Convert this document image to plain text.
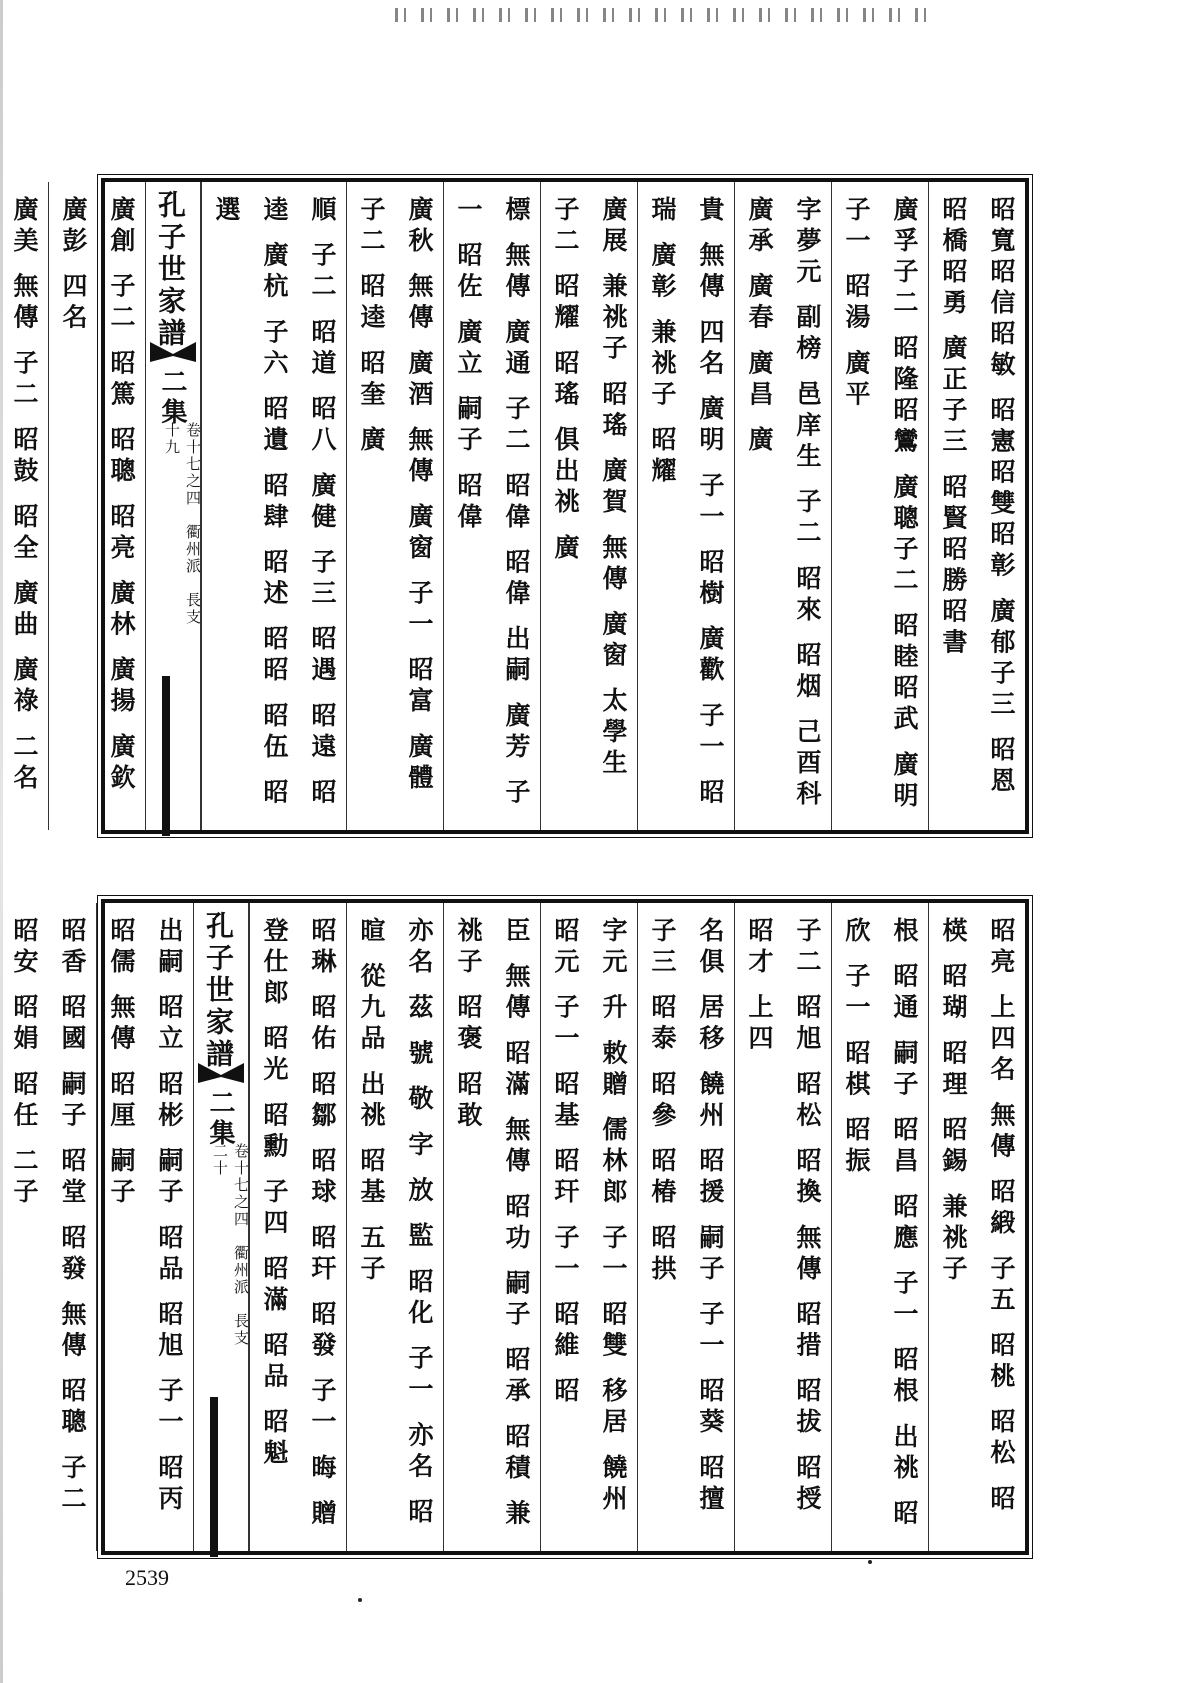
昭寬昭信昭敏 昭憲昭雙昭彰 廣郁子三 昭恩昭橋昭勇 廣正子三 昭賢昭勝昭書
廣孚子二 昭隆昭鸞 廣聰子二 昭睦昭武 廣明子一 昭湯 廣平
字夢元 副榜 邑庠生 子二 昭來 昭烟 己酉科 廣承 廣春 廣昌 廣
貴 無傳 四名 廣明 子一 昭樹 廣歡 子一 昭瑞 廣彰 兼祧子 昭耀
廣展 兼祧子 昭瑤 廣賀 無傳 廣窗 太學生 子二 昭耀 昭瑤 俱出祧 廣
標 無傳 廣通 子二 昭偉 昭偉 出嗣 廣芳 子一 昭佐 廣立 嗣子 昭偉
廣秋 無傳 廣酒 無傳 廣窗 子一 昭富 廣體 子二 昭逵 昭奎 廣
順 子二 昭道 昭八 廣健 子三 昭遇 昭遠 昭逵 廣杭 子六 昭遺 昭肆 昭述 昭昭 昭伍 昭選
孔子世家譜
二集
卷十七之四　衢州派　長支　十九
廣創 子二 昭篤 昭聰 昭亮 廣林 廣揚 廣欽 廣彭 四名
廣美 無傳 子二 昭鼓 昭全 廣曲 廣祿 二名
昭亮 上四名 無傳 昭緞 子五 昭桃 昭松 昭楧 昭瑚 昭理 昭錫 兼祧子
根 昭通 嗣子 昭昌 昭應 子一 昭根 出祧 昭欣 子一 昭棋 昭振
子二 昭旭 昭松 昭換 無傳 昭措 昭拔 昭授 昭才 上四
名俱 居移 饒州 昭援 嗣子 子一 昭葵 昭擅 子三 昭泰 昭參 昭椿 昭拱
字元 升 敕贈 儒林郎 子一 昭雙 移居 饒州 昭元 子一 昭基 昭玕 子一 昭維 昭
臣 無傳 昭滿 無傳 昭功 嗣子 昭承 昭積 兼祧子 昭褒 昭敢
亦名 茲 號 敬 字 放 監 昭化 子一 亦名 昭暄 從九品 出祧 昭基 五子
昭琳 昭佑 昭鄒 昭球 昭玕 昭發 子一 晦 贈 登仕郎 昭光 昭勳 子四 昭滿 昭品 昭魁
孔子世家譜
二集
卷十七之四　衢州派　長支　二十
出嗣 昭立 昭彬 嗣子 昭品 昭旭 子一 昭丙 昭儒 無傳 昭厘 嗣子
昭香 昭國 嗣子 昭堂 昭發 無傳 昭聰 子二 昭安 昭娟 昭任 二子
2539
